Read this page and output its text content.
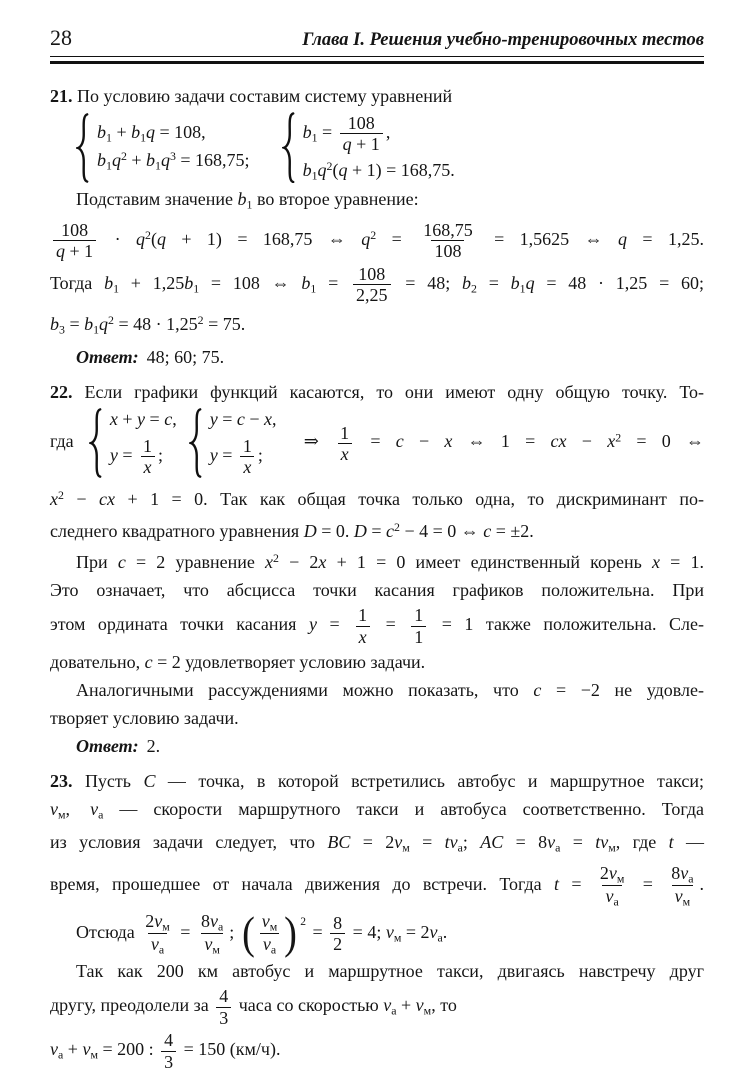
28	Глава I. Решения учебно-тренировочных тестов
21. По условию задачи составим систему уравнений
b1 + b1q = 108,
$b1q^2 + b1q^3 = 168,75$;
$b1 = \frac{108}{q + 1}$ ,
$b1q^2(q + 1) = 168,75$.
Подставим значение b1 во второе уравнение:
$\frac{108}{q + 1} \cdot q^2(q + 1) = 168,75$ ⇔ $q^2 = \frac{168,75}{108} = 1,5625$ ⇔ q = 1,25.
Тогда b1 + 1,25b1 = 108 ⇔ $b1 = \frac{108}{2,25} = 48$; b2 = b1q = 48 · 1,25 = 60;
$b3 = b1q^2 = 48 \cdot 1,25^2 = 75$.
Ответ: 48; 60; 75.
22. Если графики функций касаются, то они имеют одну общую точку. То-
гда
x + y = c,
$y = \frac{1}{x}$ ;
y = c − x,
$y = \frac{1}{x}$ ;
⇒ $\frac{1}{x} = c - x$ ⇔ 1 = cx − $x^2 = 0$ ⇔
$x^2$ − cx + 1 = 0. Так как общая точка только одна, то дискриминант по-
следнего квадратного уравнения D = 0. $D = c^2 - 4 = 0$ ⇔ c = ±2.
При c = 2 уравнение $x^2 - 2x + 1 = 0$ имеет единственный корень x = 1.
Это означает, что абсцисса точки касания графиков положительна. При
этом ордината точки касания $y = \frac{1}{x} = \frac{1}{1} = 1$ также положительна. Сле-
довательно, c = 2 удовлетворяет условию задачи.
Аналогичными рассуждениями можно показать, что c = −2 не удовле-
творяет условию задачи.
Ответ: 2.
23. Пусть C — точка, в которой встретились автобус и маршрутное такси;
vм, vа — скорости маршрутного такси и автобуса соответственно. Тогда
из условия задачи следует, что BC = 2vм = tvа; AC = 8vа = tvм, где t —
время, прошедшее от начала движения до встречи. Тогда $t = \frac{2vм}{vа} = \frac{8vа}{vм}$ .
Отсюда $\frac{2vм}{vа} = \frac{8vа}{vм}$ ; ( $\frac{vм}{vа}$ ) 2
= $\frac{8}{2} = 4$; vм = 2vа.
Так как 200 км автобус и маршрутное такси, двигаясь навстречу друг
другу, преодолели за $\frac{4}{3}$ часа со скоростью vа + vм, то
vа + vм = 200 : $\frac{4}{3} = 150$ (км/ч).
